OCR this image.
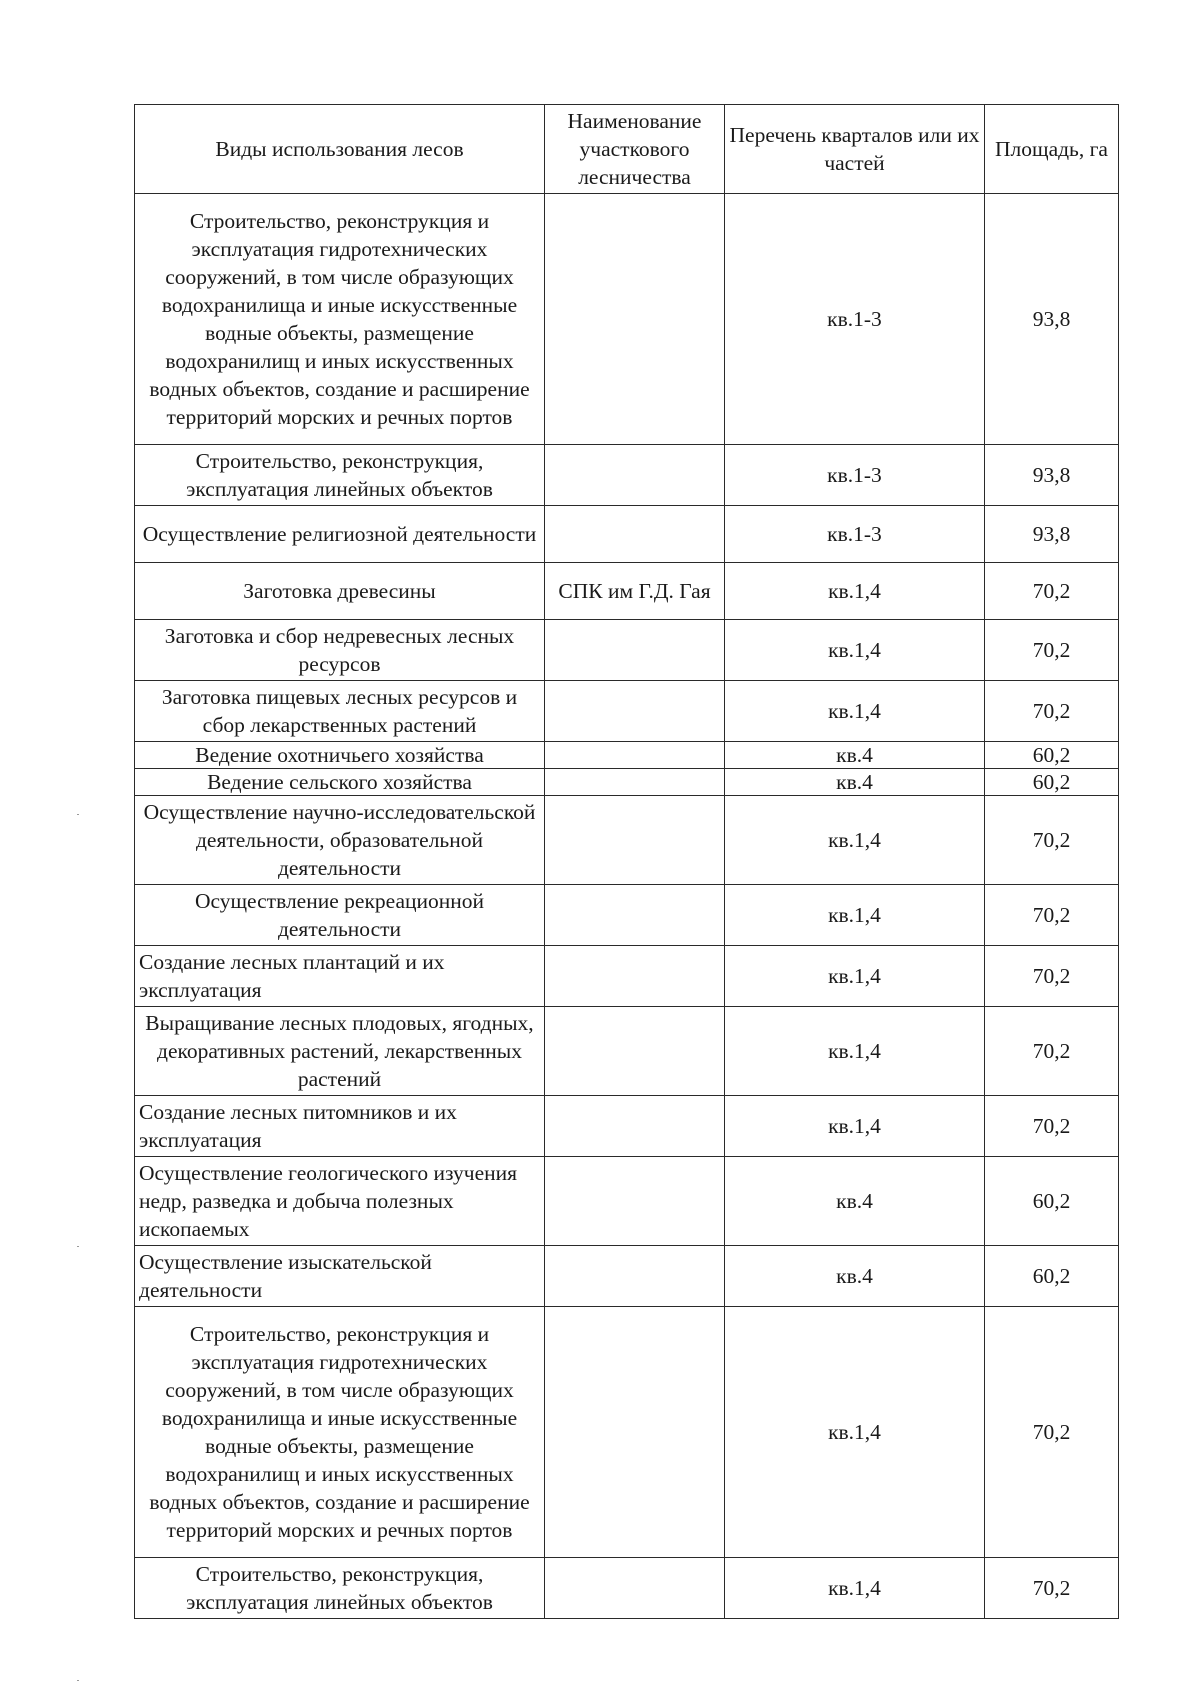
Виды использования лесов	Наименование участкового лесничества	Перечень кварталов или их частей	Площадь, га
Строительство, реконструкция и эксплуатация гидротехнических сооружений, в том числе образующих водохранилища и иные искусственные водные объекты, размещение водохранилищ и иных искусственных водных объектов, создание и расширение территорий морских и речных портов		кв.1-3	93,8
Строительство, реконструкция, эксплуатация линейных объектов		кв.1-3	93,8
Осуществление религиозной деятельности		кв.1-3	93,8
Заготовка древесины	СПК им Г.Д. Гая	кв.1,4	70,2
Заготовка и сбор недревесных лесных ресурсов		кв.1,4	70,2
Заготовка пищевых лесных ресурсов и сбор лекарственных растений		кв.1,4	70,2
Ведение охотничьего хозяйства		кв.4	60,2
Ведение сельского хозяйства		кв.4	60,2
Осуществление научно-исследовательской деятельности, образовательной деятельности		кв.1,4	70,2
Осуществление рекреационной деятельности		кв.1,4	70,2
Создание лесных плантаций и их эксплуатация		кв.1,4	70,2
Выращивание лесных плодовых, ягодных, декоративных растений, лекарственных растений		кв.1,4	70,2
Создание лесных питомников и их эксплуатация		кв.1,4	70,2
Осуществление геологического изучения недр, разведка и добыча полезных ископаемых		кв.4	60,2
Осуществление изыскательской деятельности		кв.4	60,2
Строительство, реконструкция и эксплуатация гидротехнических сооружений, в том числе образующих водохранилища и иные искусственные водные объекты, размещение водохранилищ и иных искусственных водных объектов, создание и расширение территорий морских и речных портов		кв.1,4	70,2
Строительство, реконструкция, эксплуатация линейных объектов		кв.1,4	70,2
